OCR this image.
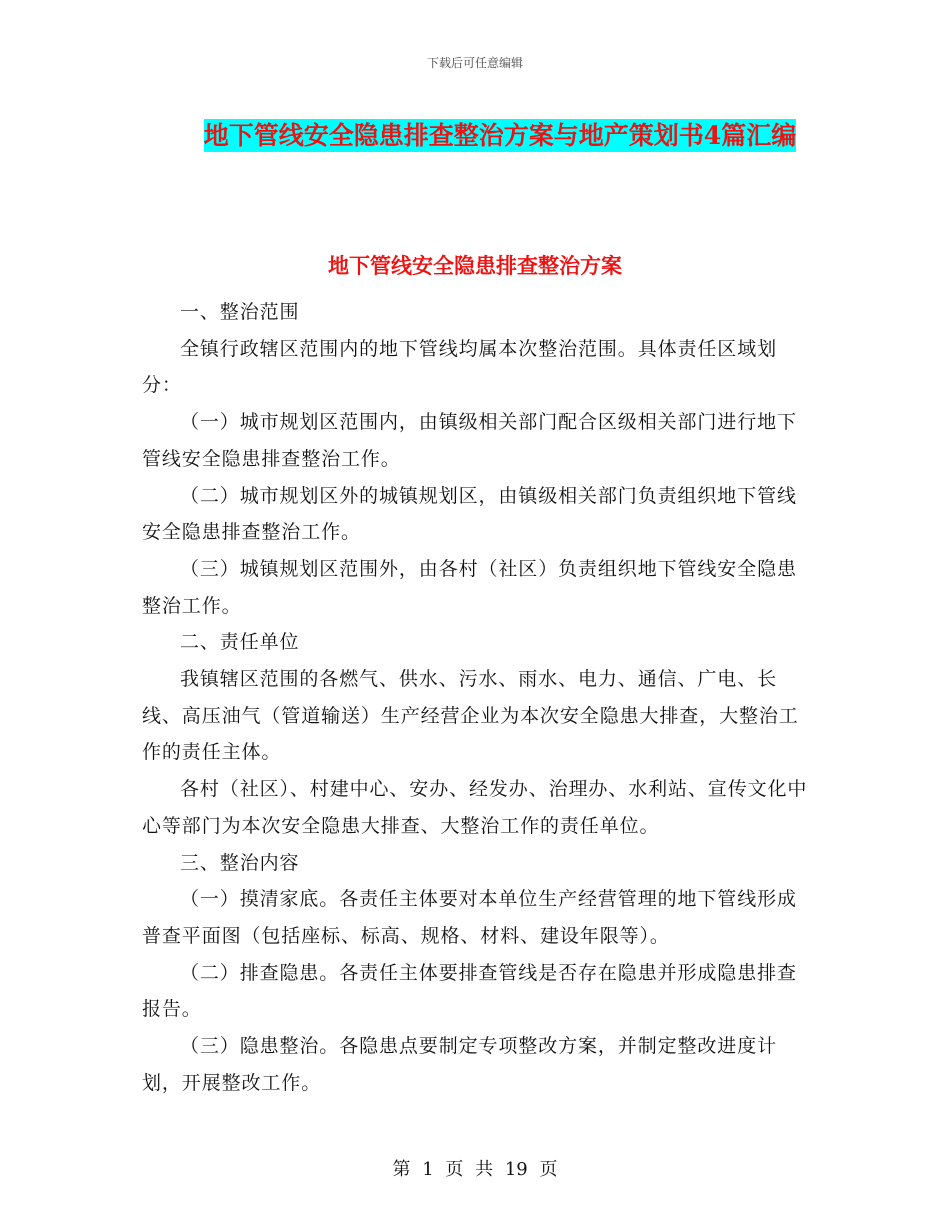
下载后可任意编辑
地下管线安全隐患排查整治方案与地产策划书4篇汇编
地下管线安全隐患排查整治方案

一、整治范围

全镇行政辖区范围内的地下管线均属本次整治范围。具体责任区域划分：

（一）城市规划区范围内，由镇级相关部门配合区级相关部门进行地下管线安全隐患排查整治工作。

（二）城市规划区外的城镇规划区，由镇级相关部门负责组织地下管线安全隐患排查整治工作。

（三）城镇规划区范围外，由各村（社区）负责组织地下管线安全隐患整治工作。

二、责任单位

我镇辖区范围的各燃气、供水、污水、雨水、电力、通信、广电、长线、高压油气（管道输送）生产经营企业为本次安全隐患大排查，大整治工作的责任主体。

各村（社区）、村建中心、安办、经发办、治理办、水利站、宣传文化中心等部门为本次安全隐患大排查、大整治工作的责任单位。

三、整治内容

（一）摸清家底。各责任主体要对本单位生产经营管理的地下管线形成普查平面图（包括座标、标高、规格、材料、建设年限等）。

（二）排查隐患。各责任主体要排查管线是否存在隐患并形成隐患排查报告。

（三）隐患整治。各隐患点要制定专项整改方案，并制定整改进度计划，开展整改工作。

第 1 页 共 19 页
